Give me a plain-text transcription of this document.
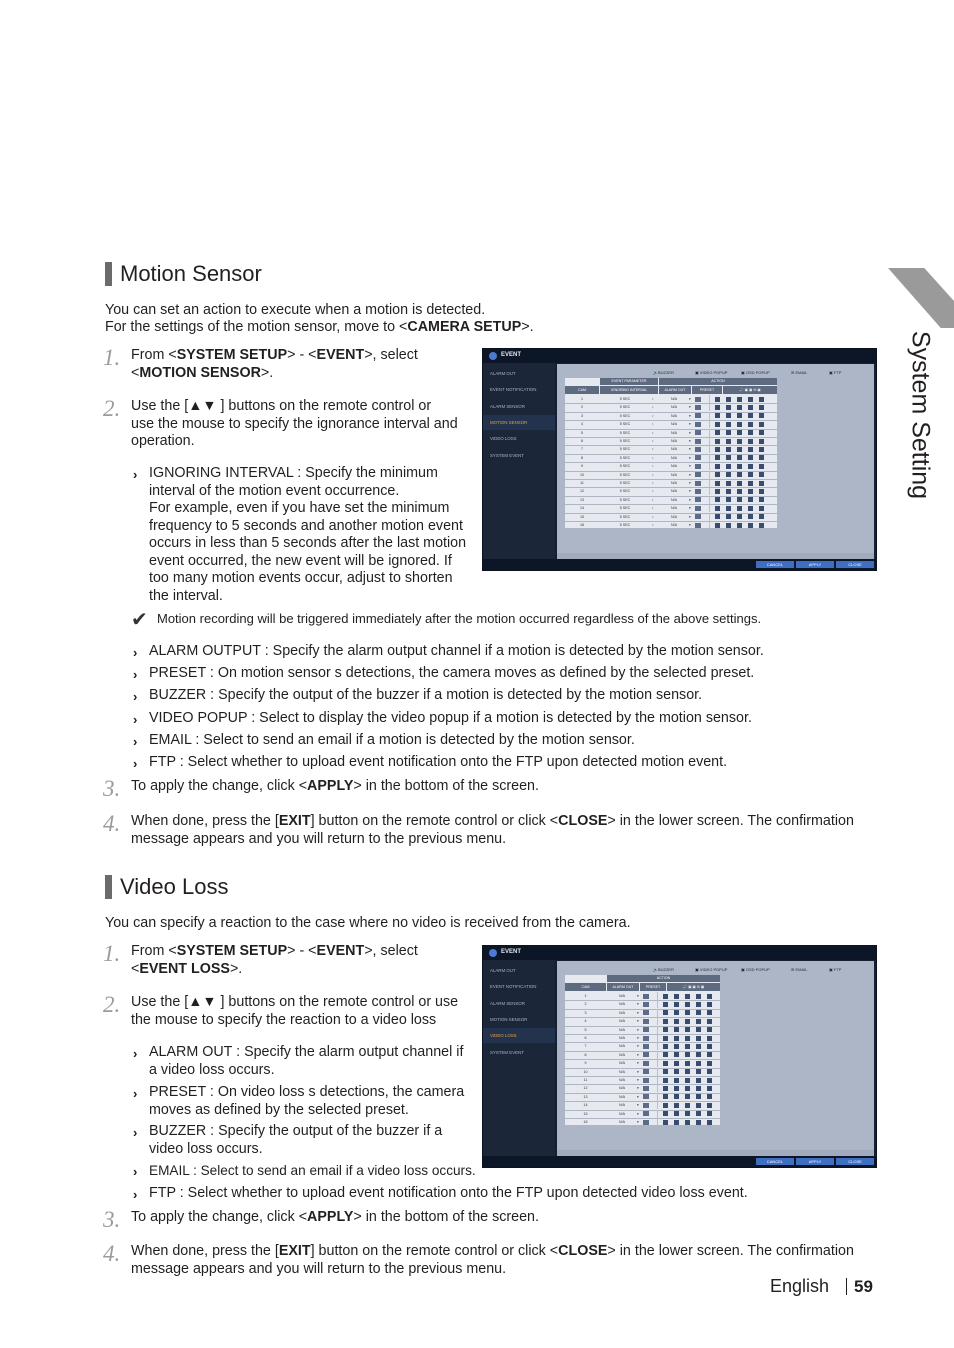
System Setting
Motion Sensor
You can set an action to execute when a motion is detected.
For the settings of the motion sensor, move to <CAMERA SETUP>.
1. From <SYSTEM SETUP> - <EVENT>, select
<MOTION SENSOR>.
2. Use the [▲▼ ] buttons on the remote control or
use the mouse to specify the ignorance interval and
operation.
› IGNORING INTERVAL : Specify the minimum
interval of the motion event occurrence.
For example, even if you have set the minimum
frequency to 5 seconds and another motion event
occurs in less than 5 seconds after the last motion
event occurred, the new event will be ignored. If
too many motion events occur, adjust to shorten
the interval.
✔ Motion recording will be triggered immediately after the motion occurred regardless of the above settings.
› ALARM OUTPUT : Specify the alarm output channel if a motion is detected by the motion sensor.
› PRESET : On motion sensor s detections, the camera moves as defined by the selected preset.
› BUZZER : Specify the output of the buzzer if a motion is detected by the motion sensor.
› VIDEO POPUP : Select to display the video popup if a motion is detected by the motion sensor.
› EMAIL : Select to send an email if a motion is detected by the motion sensor.
› FTP : Select whether to upload event notification onto the FTP upon detected motion event.
3. To apply the change, click <APPLY> in the bottom of the screen.
4. When done, press the [EXIT] button on the remote control or click <CLOSE> in the lower screen. The confirmation
message appears and you will return to the previous menu.
EVENT
ALARM OUT
EVENT NOTIFICATION
ALARM SENSOR
MOTION SENSOR
VIDEO LOSS
SYSTEM EVENT
🔊BUZZER	▣ VIDEO POPUP	▣ OSD POPUP	✉ EMAIL	▣ FTP
EVENT PARAMETER	ACTION
CAM	IGNORING INTERVAL	ALARM OUT	PRESET	🔊 ▣ ▣ ✉ ▣
1	5 SEC	↕	N/A	▾
2	5 SEC	↕	N/A	▾
3	5 SEC	↕	N/A	▾
4	5 SEC	↕	N/A	▾
5	5 SEC	↕	N/A	▾
6	5 SEC	↕	N/A	▾
7	5 SEC	↕	N/A	▾
8	5 SEC	↕	N/A	▾
9	5 SEC	↕	N/A	▾
10	5 SEC	↕	N/A	▾
11	5 SEC	↕	N/A	▾
12	5 SEC	↕	N/A	▾
13	5 SEC	↕	N/A	▾
14	5 SEC	↕	N/A	▾
15	5 SEC	↕	N/A	▾
16	5 SEC	↕	N/A	▾
CANCEL	APPLY	CLOSE
Video Loss
You can specify a reaction to the case where no video is received from the camera.
1. From <SYSTEM SETUP> - <EVENT>, select
<EVENT LOSS>.
2. Use the [▲▼ ] buttons on the remote control or use
the mouse to specify the reaction to a video loss
› ALARM OUT : Specify the alarm output channel if
a video loss occurs.
› PRESET : On video loss s detections, the camera
moves as defined by the selected preset.
› BUZZER : Specify the output of the buzzer if a
video loss occurs.
› EMAIL : Select to send an email if a video loss occurs.
› FTP : Select whether to upload event notification onto the FTP upon detected video loss event.
3. To apply the change, click <APPLY> in the bottom of the screen.
4. When done, press the [EXIT] button on the remote control or click <CLOSE> in the lower screen. The confirmation
message appears and you will return to the previous menu.
EVENT
ALARM OUT
EVENT NOTIFICATION
ALARM SENSOR
MOTION SENSOR
VIDEO LOSS
SYSTEM EVENT
🔊BUZZER	▣ VIDEO POPUP	▣ OSD POPUP	✉ EMAIL	▣ FTP
ACTION
CAM	ALARM OUT	PRESET	🔊 ▣ ▣ ✉ ▣
1	N/A	▾
2	N/A	▾
3	N/A	▾
4	N/A	▾
5	N/A	▾
6	N/A	▾
7	N/A	▾
8	N/A	▾
9	N/A	▾
10	N/A	▾
11	N/A	▾
12	N/A	▾
13	N/A	▾
14	N/A	▾
15	N/A	▾
16	N/A	▾
CANCEL	APPLY	CLOSE
English 59
